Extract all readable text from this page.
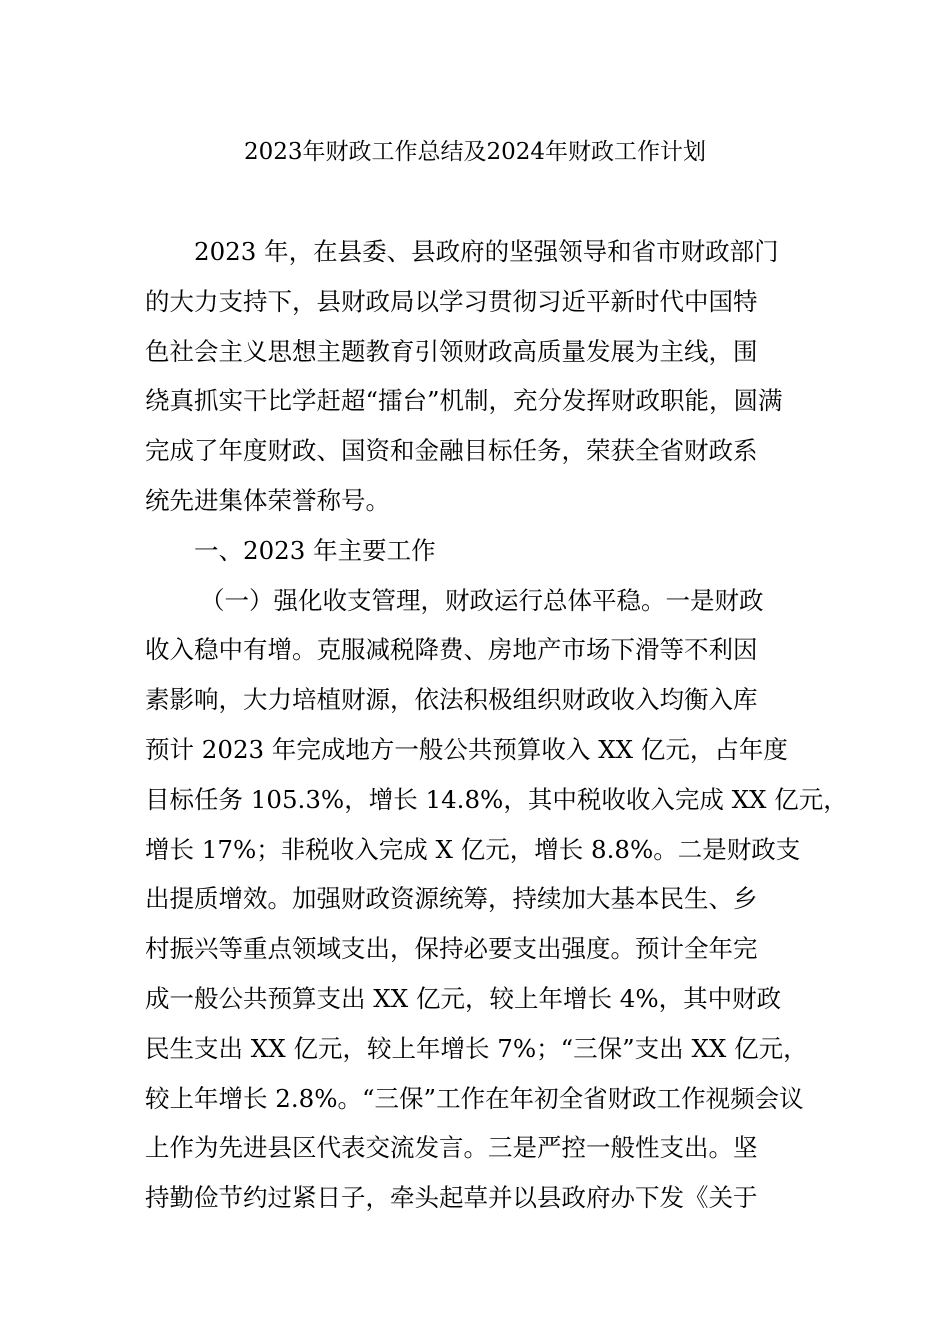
2023年财政工作总结及2024年财政工作计划
2023 年，在县委、县政府的坚强领导和省市财政部门
的大力支持下，县财政局以学习贯彻习近平新时代中国特
色社会主义思想主题教育引领财政高质量发展为主线，围
绕真抓实干比学赶超“擂台”机制，充分发挥财政职能，圆满
完成了年度财政、国资和金融目标任务，荣获全省财政系
统先进集体荣誉称号。
一、2023 年主要工作
（一）强化收支管理，财政运行总体平稳。一是财政
收入稳中有增。克服减税降费、房地产市场下滑等不利因
素影响，大力培植财源，依法积极组织财政收入均衡入库
预计 2023 年完成地方一般公共预算收入 XX 亿元，占年度
目标任务 105.3%，增长 14.8%，其中税收收入完成 XX 亿元，
增长 17%；非税收入完成 X 亿元，增长 8.8%。二是财政支
出提质增效。加强财政资源统筹，持续加大基本民生、乡
村振兴等重点领域支出，保持必要支出强度。预计全年完
成一般公共预算支出 XX 亿元，较上年增长 4%，其中财政
民生支出 XX 亿元，较上年增长 7%；“三保”支出 XX 亿元，
较上年增长 2.8%。“三保”工作在年初全省财政工作视频会议
上作为先进县区代表交流发言。三是严控一般性支出。坚
持勤俭节约过紧日子，牵头起草并以县政府办下发《关于
